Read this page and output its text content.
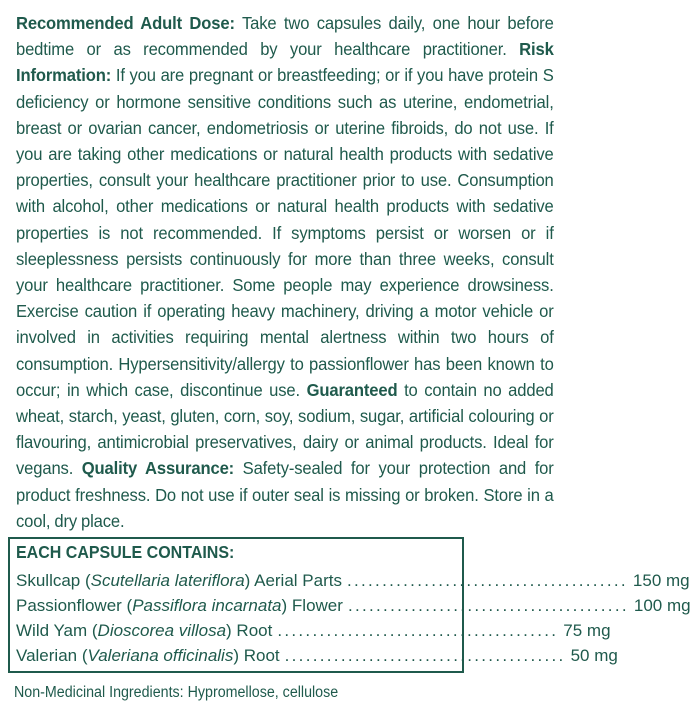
Recommended Adult Dose: Take two capsules daily, one hour before bedtime or as recommended by your healthcare practitioner. Risk Information: If you are pregnant or breastfeeding; or if you have protein S deficiency or hormone sensitive conditions such as uterine, endometrial, breast or ovarian cancer, endometriosis or uterine fibroids, do not use. If you are taking other medications or natural health products with sedative properties, consult your healthcare practitioner prior to use. Consumption with alcohol, other medications or natural health products with sedative properties is not recommended. If symptoms persist or worsen or if sleeplessness persists continuously for more than three weeks, consult your healthcare practitioner. Some people may experience drowsiness. Exercise caution if operating heavy machinery, driving a motor vehicle or involved in activities requiring mental alertness within two hours of consumption. Hypersensitivity/allergy to passionflower has been known to occur; in which case, discontinue use. Guaranteed to contain no added wheat, starch, yeast, gluten, corn, soy, sodium, sugar, artificial colouring or flavouring, antimicrobial preservatives, dairy or animal products. Ideal for vegans. Quality Assurance: Safety-sealed for your protection and for product freshness. Do not use if outer seal is missing or broken. Store in a cool, dry place.
EACH CAPSULE CONTAINS:
Skullcap (Scutellaria lateriflora) Aerial Parts ........................................ 150 mg
Passionflower (Passiflora incarnata) Flower ........................................ 100 mg
Wild Yam (Dioscorea villosa) Root ........................................ 75 mg
Valerian (Valeriana officinalis) Root ........................................ 50 mg
Non-Medicinal Ingredients: Hypromellose, cellulose
